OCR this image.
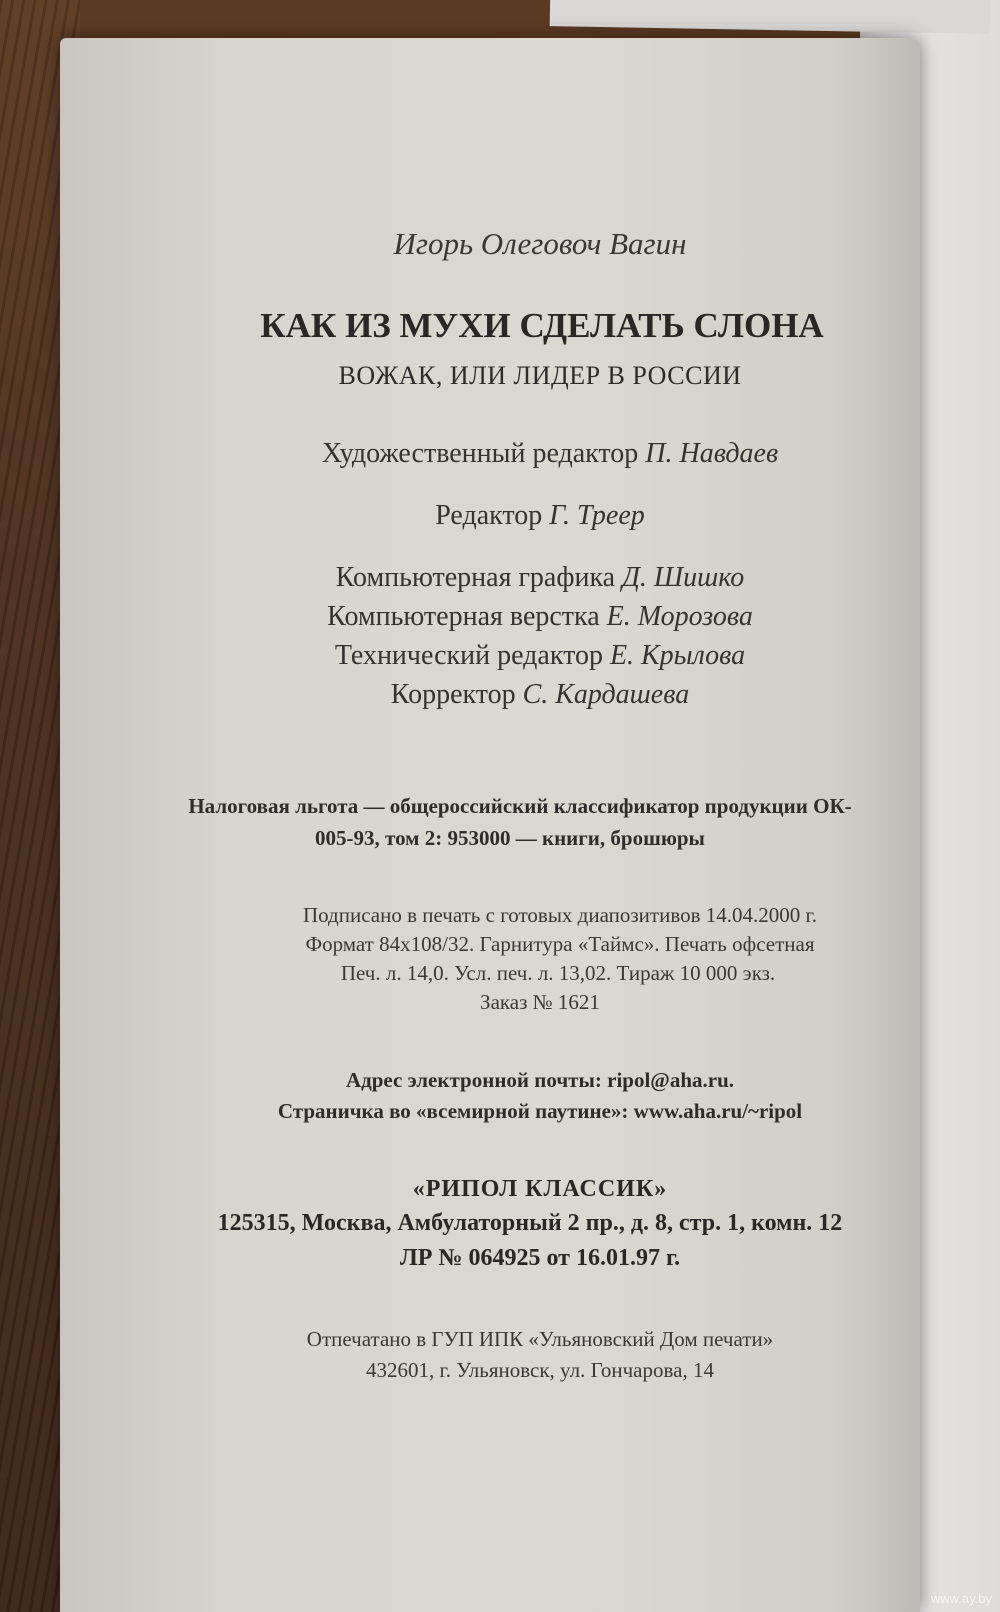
Игорь Олеговоч Вагин
КАК ИЗ МУХИ СДЕЛАТЬ СЛОНА
ВОЖАК, ИЛИ ЛИДЕР В РОССИИ
Художественный редактор П. Навдаев
Редактор Г. Треер
Компьютерная графика Д. Шишко
Компьютерная верстка Е. Морозова
Технический редактор Е. Крылова
Корректор С. Кардашева
Налоговая льгота — общероссийский классификатор продукции ОК-
005-93, том 2: 953000 — книги, брошюры
Подписано в печать с готовых диапозитивов 14.04.2000 г.
Формат 84х108/32. Гарнитура «Таймс». Печать офсетная
Печ. л. 14,0. Усл. печ. л. 13,02. Тираж 10 000 экз.
Заказ № 1621
Адрес электронной почты: ripol@aha.ru.
Страничка во «всемирной паутине»: www.aha.ru/~ripol
«РИПОЛ КЛАССИК»
125315, Москва, Амбулаторный 2 пр., д. 8, стр. 1, комн. 12
ЛР № 064925 от 16.01.97 г.
Отпечатано в ГУП ИПК «Ульяновский Дом печати»
432601, г. Ульяновск, ул. Гончарова, 14
www.ay.by
